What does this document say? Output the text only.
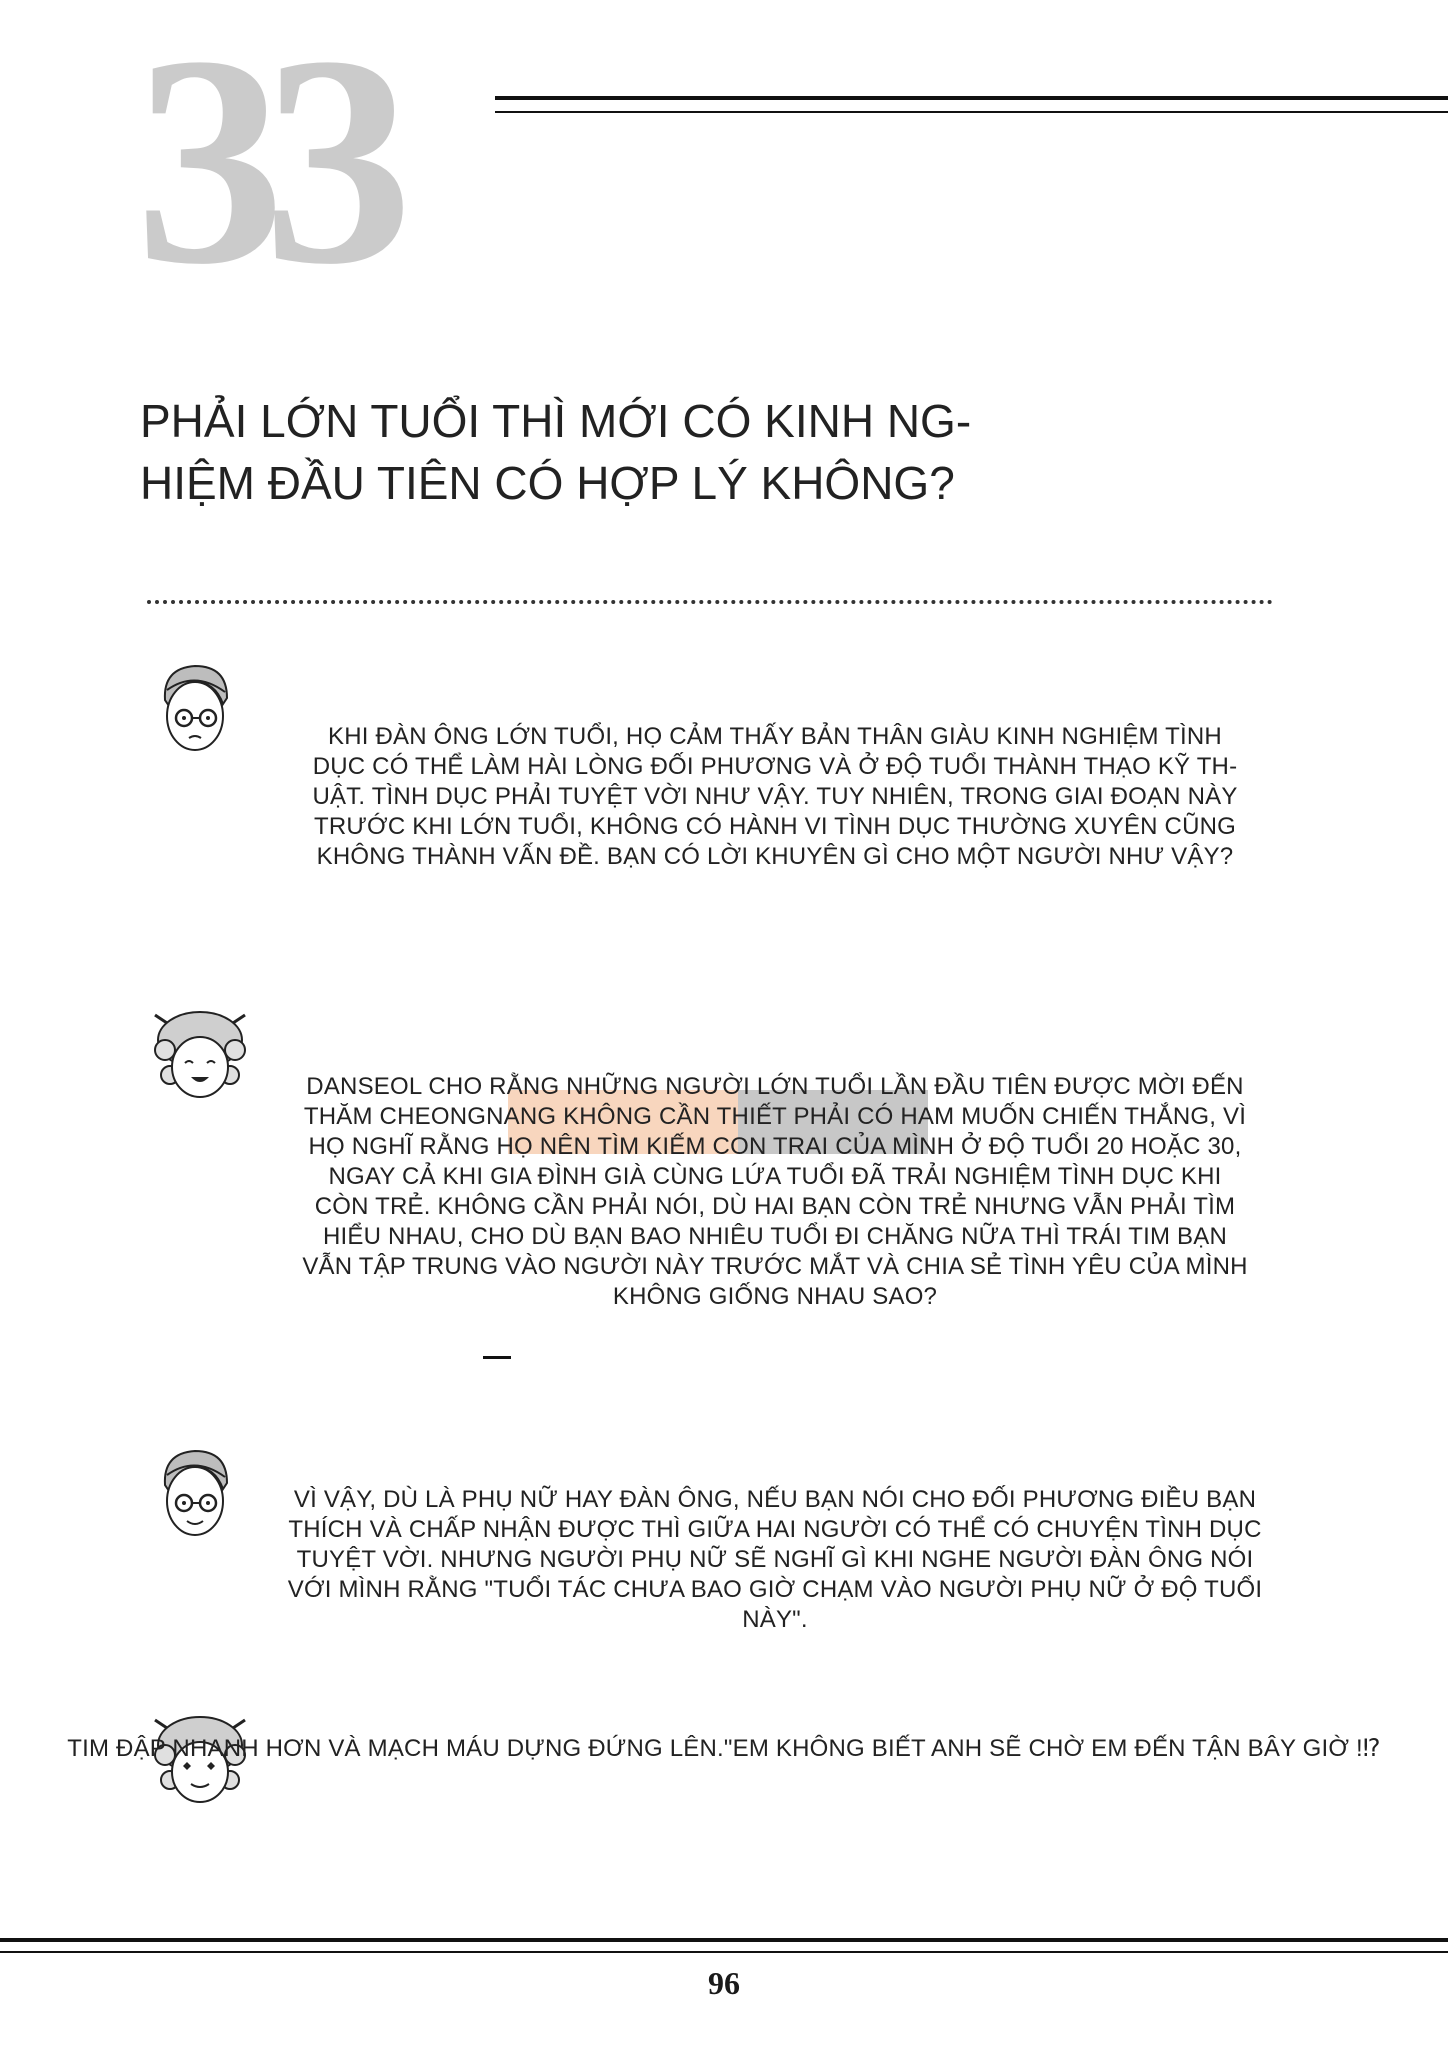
33
PHẢI LỚN TUỔI THÌ MỚI CÓ KINH NG-
HIỆM ĐẦU TIÊN CÓ HỢP LÝ KHÔNG?
KHI ĐÀN ÔNG LỚN TUỔI, HỌ CẢM THẤY BẢN THÂN GIÀU KINH NGHIỆM TÌNH
DỤC CÓ THỂ LÀM HÀI LÒNG ĐỐI PHƯƠNG VÀ Ở ĐỘ TUỔI THÀNH THẠO KỸ TH-
UẬT. TÌNH DỤC PHẢI TUYỆT VỜI NHƯ VẬY. TUY NHIÊN, TRONG GIAI ĐOẠN NÀY
TRƯỚC KHI LỚN TUỔI, KHÔNG CÓ HÀNH VI TÌNH DỤC THƯỜNG XUYÊN CŨNG
KHÔNG THÀNH VẤN ĐỀ. BẠN CÓ LỜI KHUYÊN GÌ CHO MỘT NGƯỜI NHƯ VẬY?
DANSEOL CHO RẰNG NHỮNG NGƯỜI LỚN TUỔI LẦN ĐẦU TIÊN ĐƯỢC MỜI ĐẾN
THĂM CHEONGNANG KHÔNG CẦN THIẾT PHẢI CÓ HAM MUỐN CHIẾN THẮNG, VÌ
HỌ NGHĨ RẰNG HỌ NÊN TÌM KIẾM CON TRAI CỦA MÌNH Ở ĐỘ TUỔI 20 HOẶC 30,
NGAY CẢ KHI GIA ĐÌNH GIÀ CÙNG LỨA TUỔI ĐÃ TRẢI NGHIỆM TÌNH DỤC KHI
CÒN TRẺ. KHÔNG CẦN PHẢI NÓI, DÙ HAI BẠN CÒN TRẺ NHƯNG VẪN PHẢI TÌM
HIỂU NHAU, CHO DÙ BẠN BAO NHIÊU TUỔI ĐI CHĂNG NỮA THÌ TRÁI TIM BẠN
VẪN TẬP TRUNG VÀO NGƯỜI NÀY TRƯỚC MẮT VÀ CHIA SẺ TÌNH YÊU CỦA MÌNH
KHÔNG GIỐNG NHAU SAO?
VÌ VẬY, DÙ LÀ PHỤ NỮ HAY ĐÀN ÔNG, NẾU BẠN NÓI CHO ĐỐI PHƯƠNG ĐIỀU BẠN
THÍCH VÀ CHẤP NHẬN ĐƯỢC THÌ GIỮA HAI NGƯỜI CÓ THỂ CÓ CHUYỆN TÌNH DỤC
TUYỆT VỜI. NHƯNG NGƯỜI PHỤ NỮ SẼ NGHĨ GÌ KHI NGHE NGƯỜI ĐÀN ÔNG NÓI
VỚI MÌNH RẰNG "TUỔI TÁC CHƯA BAO GIỜ CHẠM VÀO NGƯỜI PHỤ NỮ Ở ĐỘ TUỔI
NÀY".
TIM ĐẬP NHANH HƠN VÀ MẠCH MÁU DỰNG ĐỨNG LÊN."EM KHÔNG BIẾT ANH SẼ CHỜ EM ĐẾN TẬN BÂY GIỜ !⁉
96
